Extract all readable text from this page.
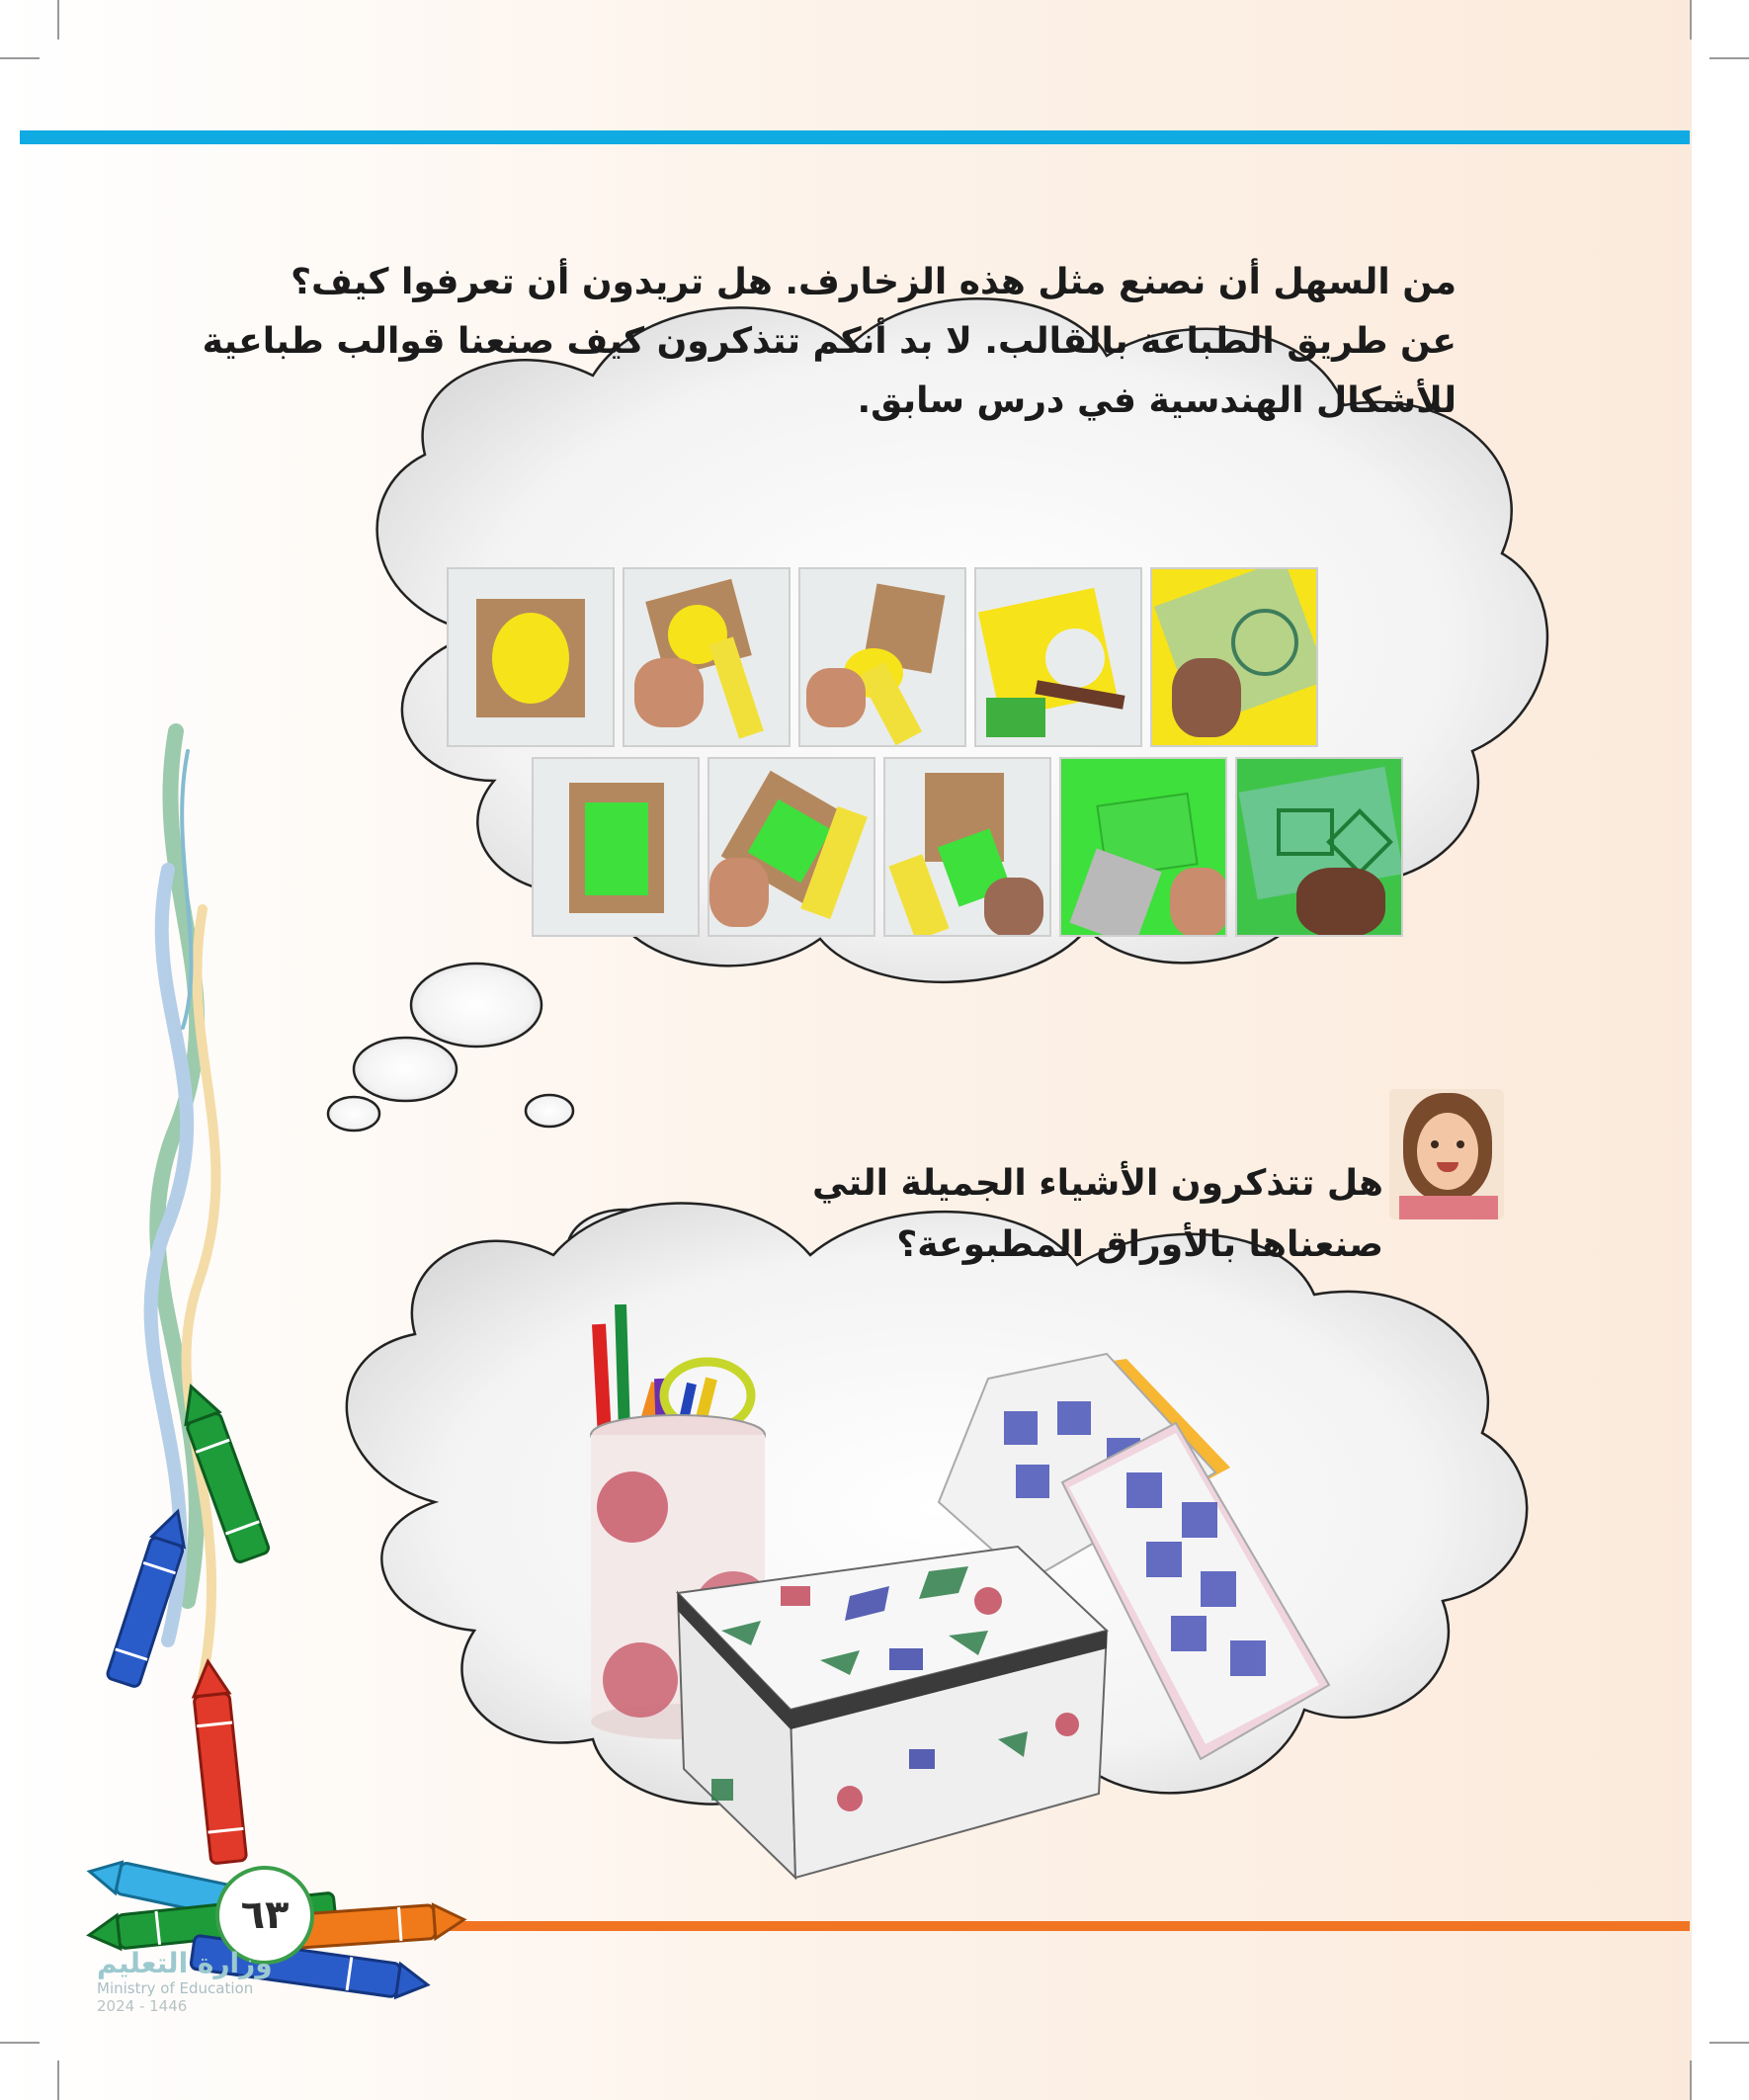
من السهل أن نصنع مثل هذه الزخارف. هل تريدون أن تعرفوا كيف؟
عن طريق الطباعة بالقالب. لا بد أنكم تتذكرون كيف صنعنا قوالب طباعية
للأشكال الهندسية في درس سابق.
هل تتذكرون الأشياء الجميلة التي
صنعناها بالأوراق المطبوعة؟
٦٣
وزارة التعليم
Ministry of Education
2024 - 1446
